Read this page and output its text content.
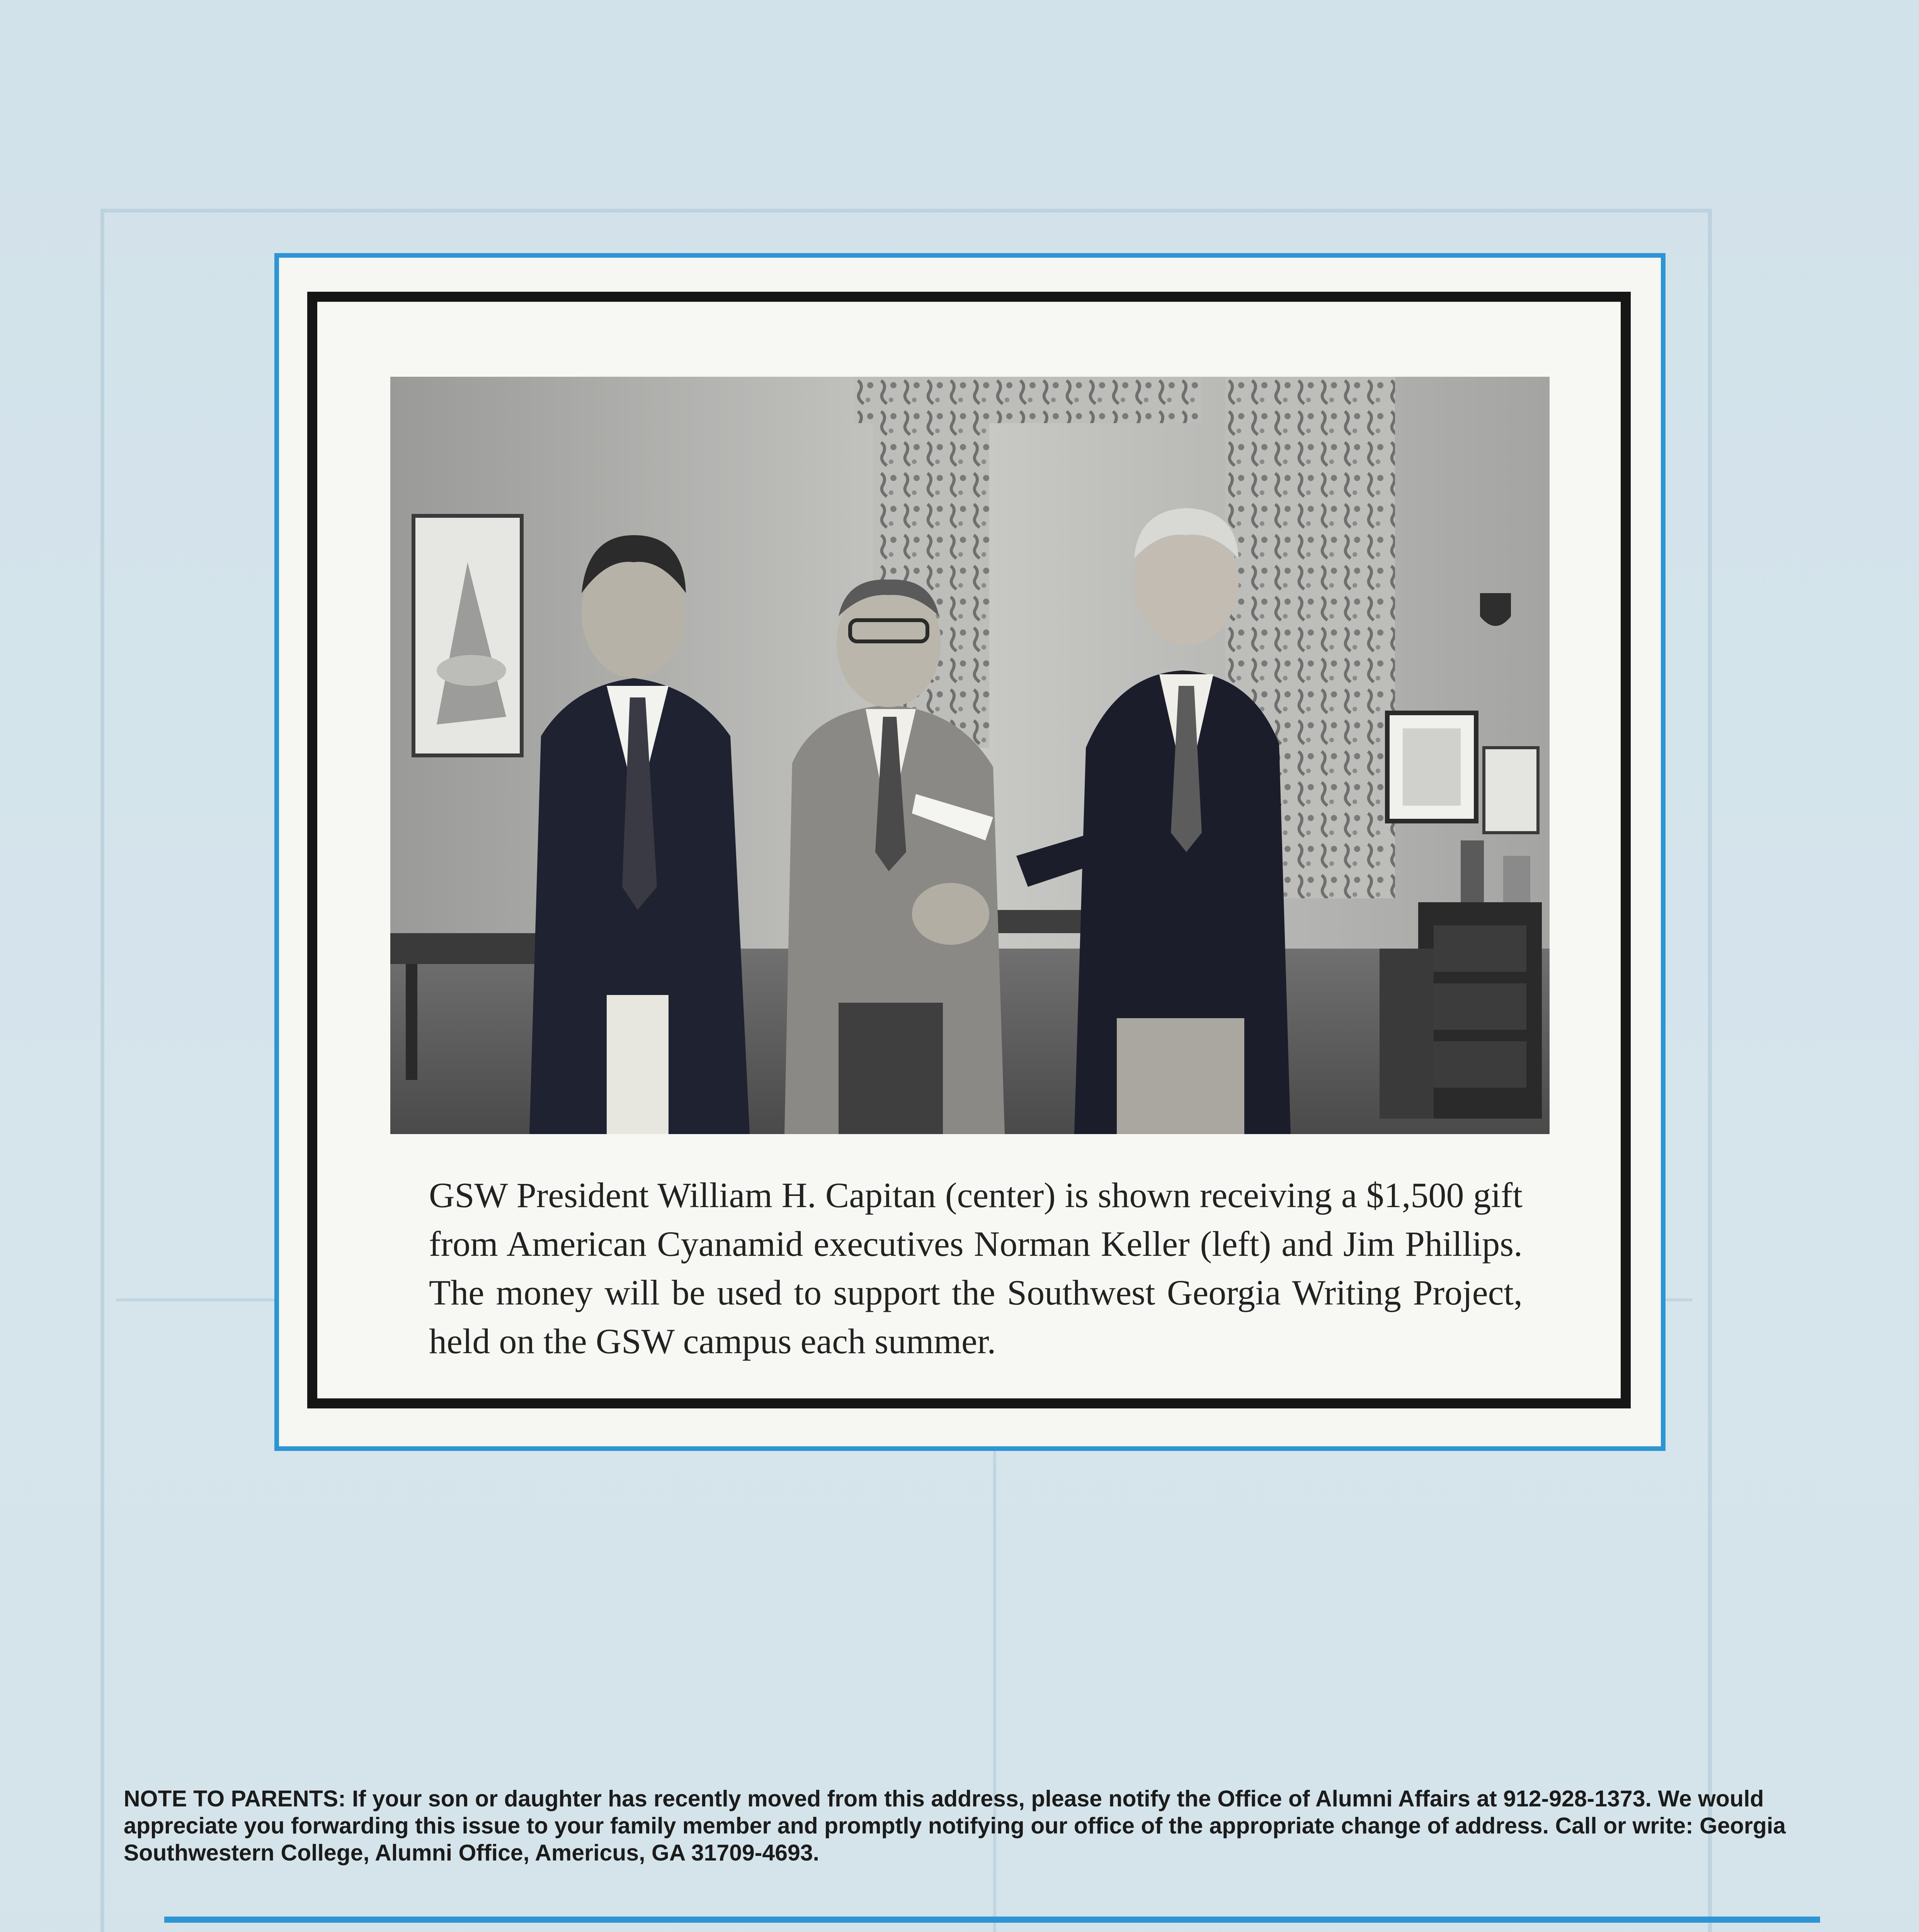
GSW President William H. Capitan (center) is shown receiving a $1,500 gift from American Cyanamid executives Norman Keller (left) and Jim Phillips. The money will be used to support the Southwest Georgia Writing Project, held on the GSW campus each summer.
NOTE TO PARENTS: If your son or daughter has recently moved from this address, please notify the Office of Alumni Affairs at 912-928-1373. We would appreciate you forwarding this issue to your family member and promptly notifying our office of the appropriate change of address. Call or write: Georgia Southwestern College, Alumni Office, Americus, GA 31709-4693.
